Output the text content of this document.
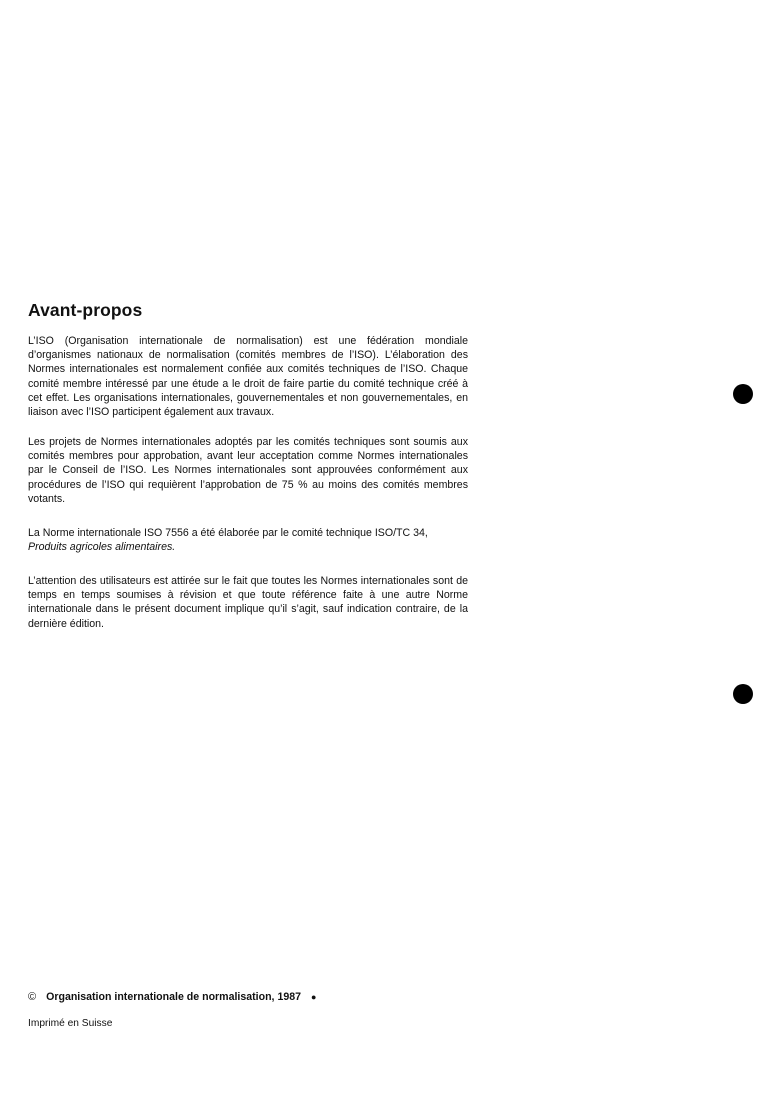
Avant-propos

L’ISO (Organisation internationale de normalisation) est une fédération mondiale d’organismes nationaux de normalisation (comités membres de l’ISO). L’élaboration des Normes internationales est normalement confiée aux comités techniques de l’ISO. Chaque comité membre intéressé par une étude a le droit de faire partie du comité technique créé à cet effet. Les organisations internationales, gouvernementales et non gouvernementales, en liaison avec l’ISO participent également aux travaux.

Les projets de Normes internationales adoptés par les comités techniques sont soumis aux comités membres pour approbation, avant leur acceptation comme Normes internationales par le Conseil de l’ISO. Les Normes internationales sont approuvées conformément aux procédures de l’ISO qui requièrent l’approbation de 75 % au moins des comités membres votants.

La Norme internationale ISO 7556 a été élaborée par le comité technique ISO/TC 34,
Produits agricoles alimentaires.

L’attention des utilisateurs est attirée sur le fait que toutes les Normes internationales sont de temps en temps soumises à révision et que toute référence faite à une autre Norme internationale dans le présent document implique qu’il s’agit, sauf indication contraire, de la dernière édition.

© Organisation internationale de normalisation, 1987 ●
Imprimé en Suisse
